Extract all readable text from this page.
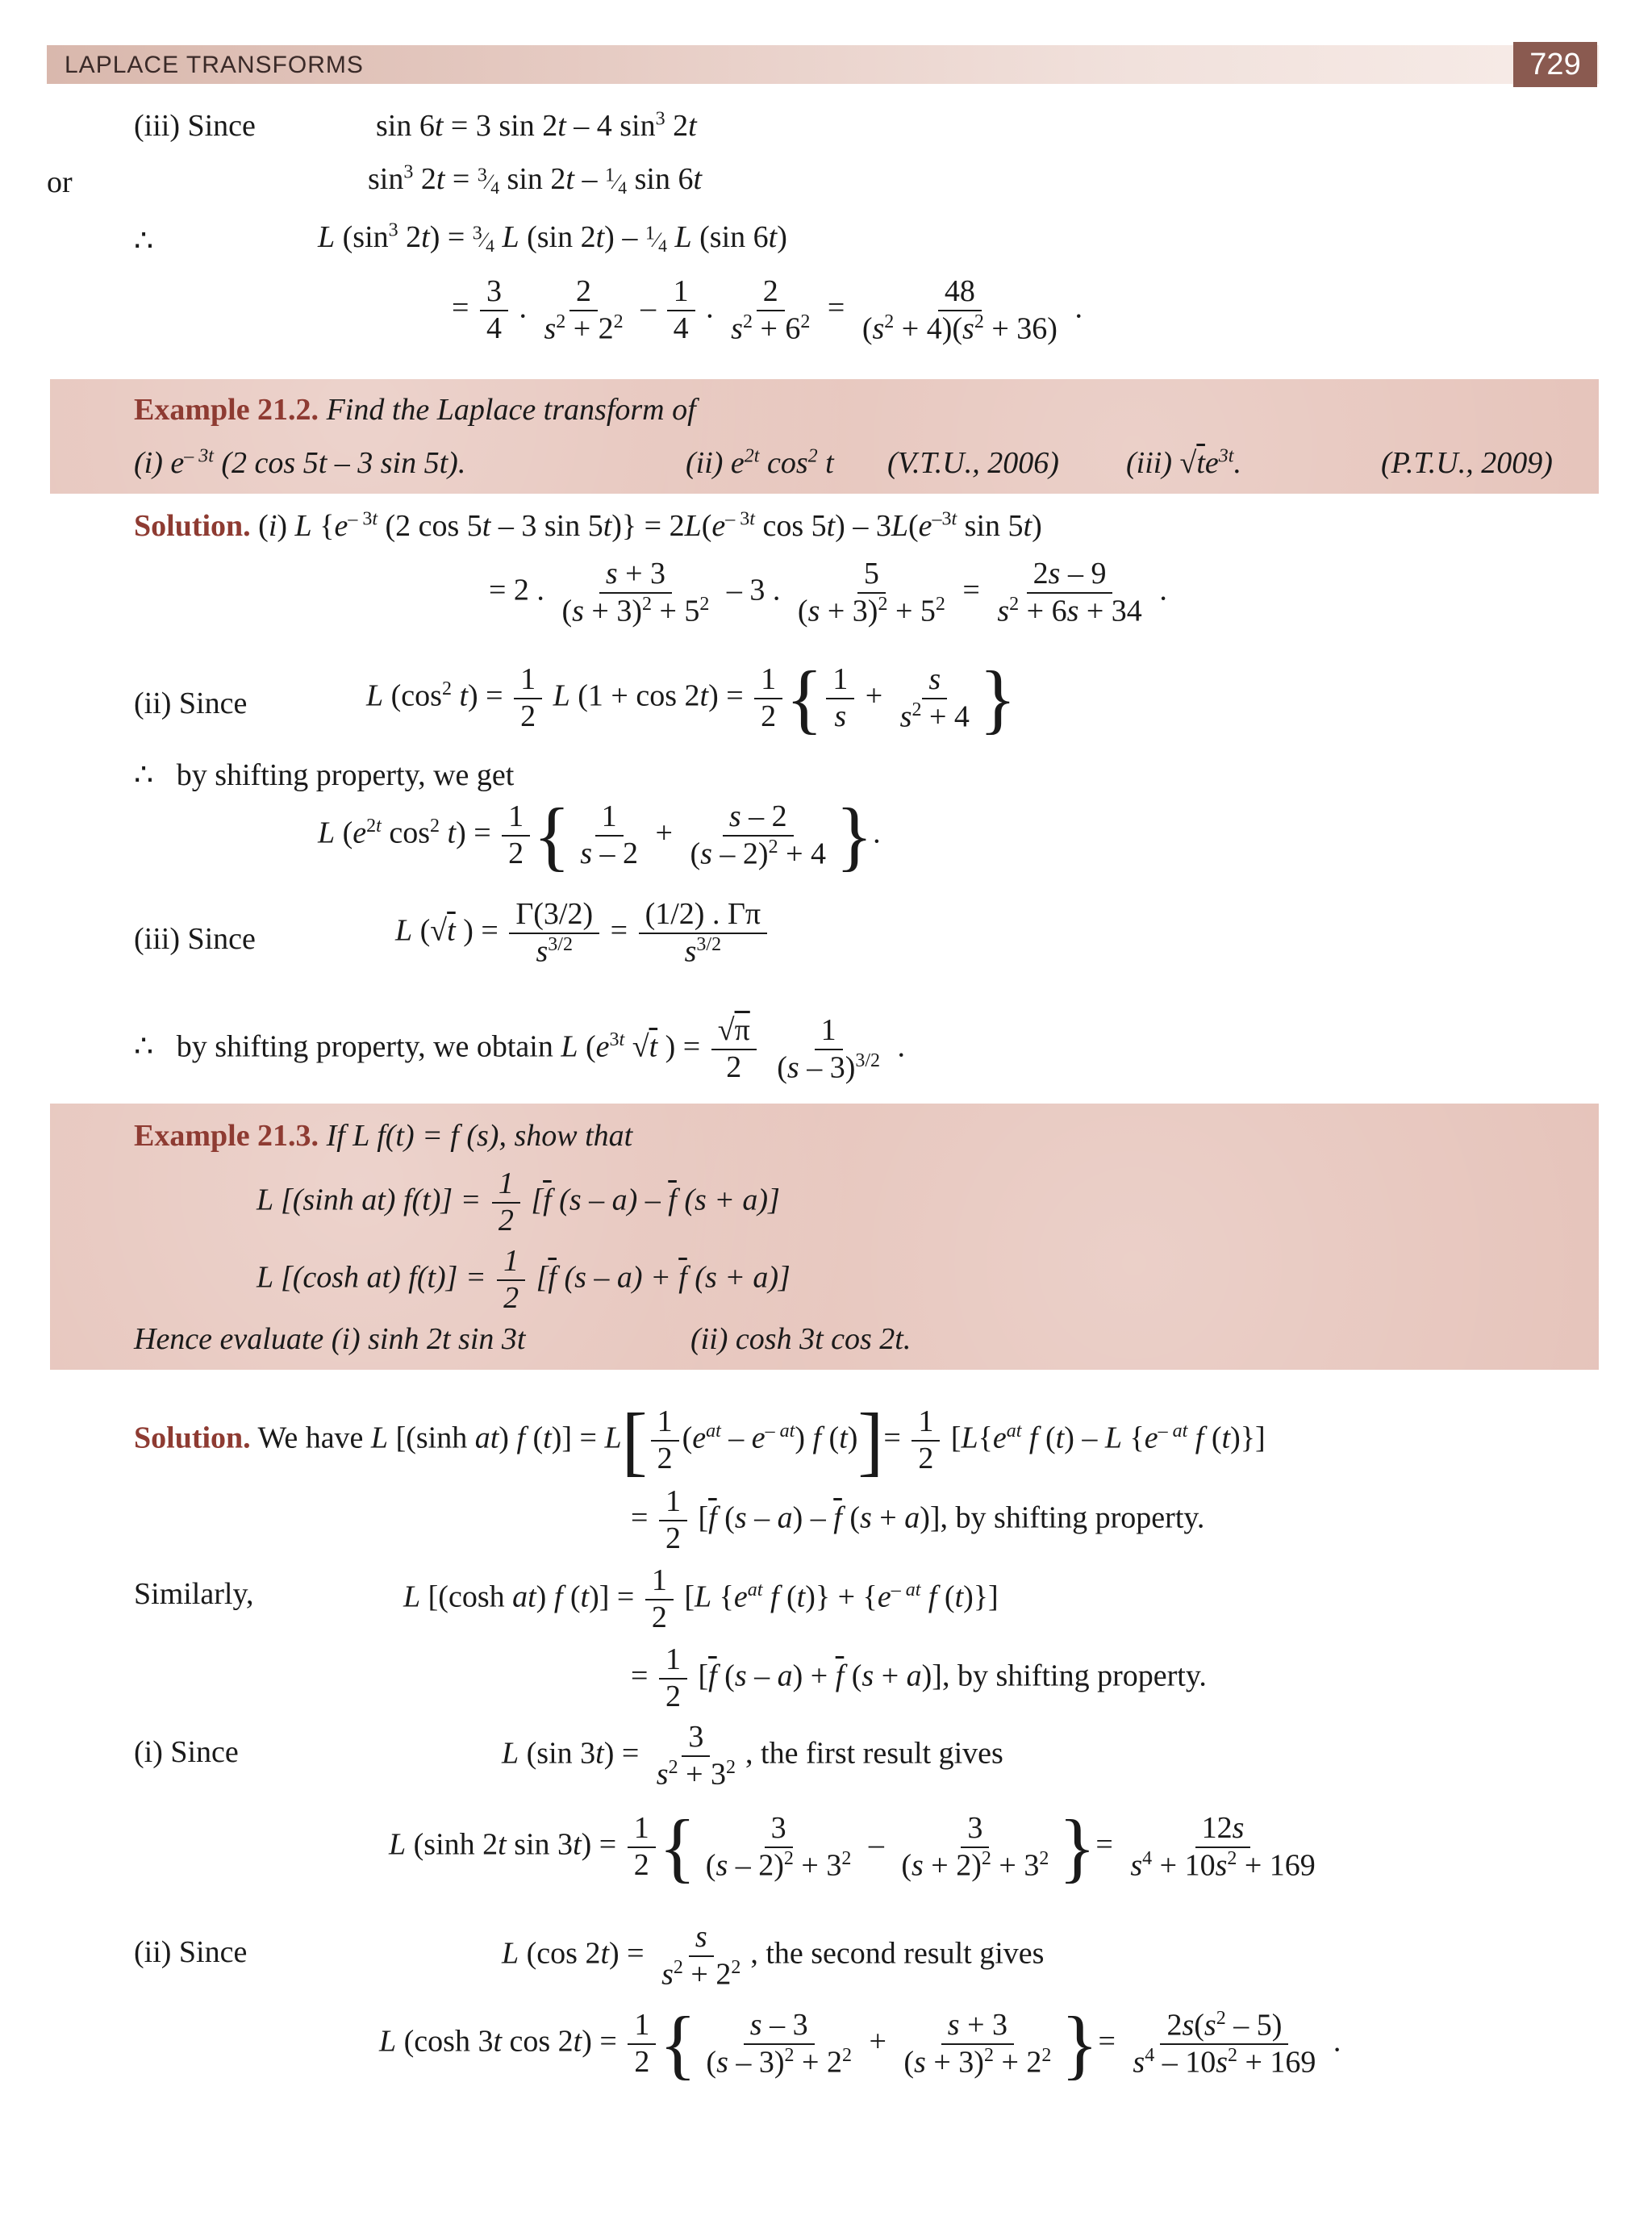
LAPLACE TRANSFORMS	729
(iii) Since	sin 6t = 3 sin 2t – 4 $\sin^3 2t$
or	$\sin^3 2t$ = $^3⁄_4$ $\sin 2t - ^1⁄_4$ sin 6t
∴	L ($\sin^3$ $2t) = ^3⁄_4$ L (sin $2t) - ^1⁄_4$ L (sin 6t)
= $\frac{3}{4}$ . $\frac{2}{s^2 + 2^2} - \frac{1}{4}$ . $\frac{2}{s^2 + 6^2} = \frac{48}{(s^2 + 4)(s^2 + 36)}$ .
Example 21.2. Find the Laplace transform of
(i) $e^{- 3t}$ (2 cos 5t – 3 sin 5t).	(ii) $e^{2t}$ $\cos^2 t$ (V.T.U., 2006) (iii) $√te^{3t}$.	(P.T.U., 2009)
Solution. (i) L {$e^{- 3t}$ (2 cos 5t – 3 $\sin 5t)\} = 2L(e^{- 3t}$ $\cos 5t) - 3L(e^{-3t}$ sin 5t)
= 2 . $\frac{s + 3}{(s + 3)^2 + 5^2} - 3$ . $\frac{5}{(s + 3)^2 + 5^2} = \frac{2s - 9}{s^2 + 6s + 34}$ .
(ii) Since	L ($\cos^2$ $t) = \frac{1}{2}$ L $(1 + \cos 2t) = \frac{1}{2}$ { $\frac{1}{s} + \frac{s}{s^2 + 4}$ }
∴ by shifting property, we get
L ($e^{2t}$ $\cos^2 t) = \frac{1}{2}$ { $\frac{1}{s - 2} + \frac{s - 2}{(s - 2)^2 + 4}$ }.
(iii) Since	L (√t ) = $\frac{\Gamma(3/2)}{s^{3/2}} = \frac{(1/2) . \Gamma\pi}{s^{3/2}}$
∴ by shifting property, we obtain L ($e^{3t}$ √t ) = $\frac{√\pi}{2}$
$\frac{1}{(s - 3)^{3/2}}$ .
Example 21.3. If L f(t) = f (s), show that
L [(sinh at) $f(t)] = \frac{1}{2} [\overline{f}$ $(s - a) - \overline{f}$ (s + a)]
L [(cosh at) $f(t)] = \frac{1}{2} [\overline{f}$ $(s - a) + \overline{f}$ (s + a)]
Hence evaluate (i) sinh 2t sin 3t	(ii) cosh 3t cos 2t.
Solution. We have L [(sinh at) f $(t)] = L[ \frac{1}{2} (e^{at} - e^{- at})$ f $(t)]= \frac{1}{2} [L\{e^{at}$ f (t) – L {$e^{- at}$ f (t)}]
= $\frac{1}{2} [\overline{f}$ $(s - a) - \overline{f}$ (s + a)], by shifting property.
Similarly,	L [(cosh at) f $(t)] = \frac{1}{2} [L$ {$e^{at}$ f $(t)\} + \{e^{- at}$ f (t)}]
= $\frac{1}{2} [\overline{f}$ $(s - a) + \overline{f}$ (s + a)], by shifting property.
(i) Since	L (sin $3t) = \frac{3}{s^2 + 3^2}$ , the first result gives
L (sinh 2t $\sin 3t) = \frac{1}{2}$ { $\frac{3}{(s - 2)^2 + 3^2} - \frac{3}{(s + 2)^2 + 3^2}$ }= $\frac{12s}{s^4 + 10s^2 + 169}$
(ii) Since	L (cos $2t) = \frac{s}{s^2 + 2^2}$ , the second result gives
L (cosh 3t $\cos 2t) = \frac{1}{2}$ { $\frac{s - 3}{(s - 3)^2 + 2^2} + \frac{s + 3}{(s + 3)^2 + 2^2}$ }= $\frac{2s(s^2 - 5)}{s^4 - 10s^2 + 169}$ .
